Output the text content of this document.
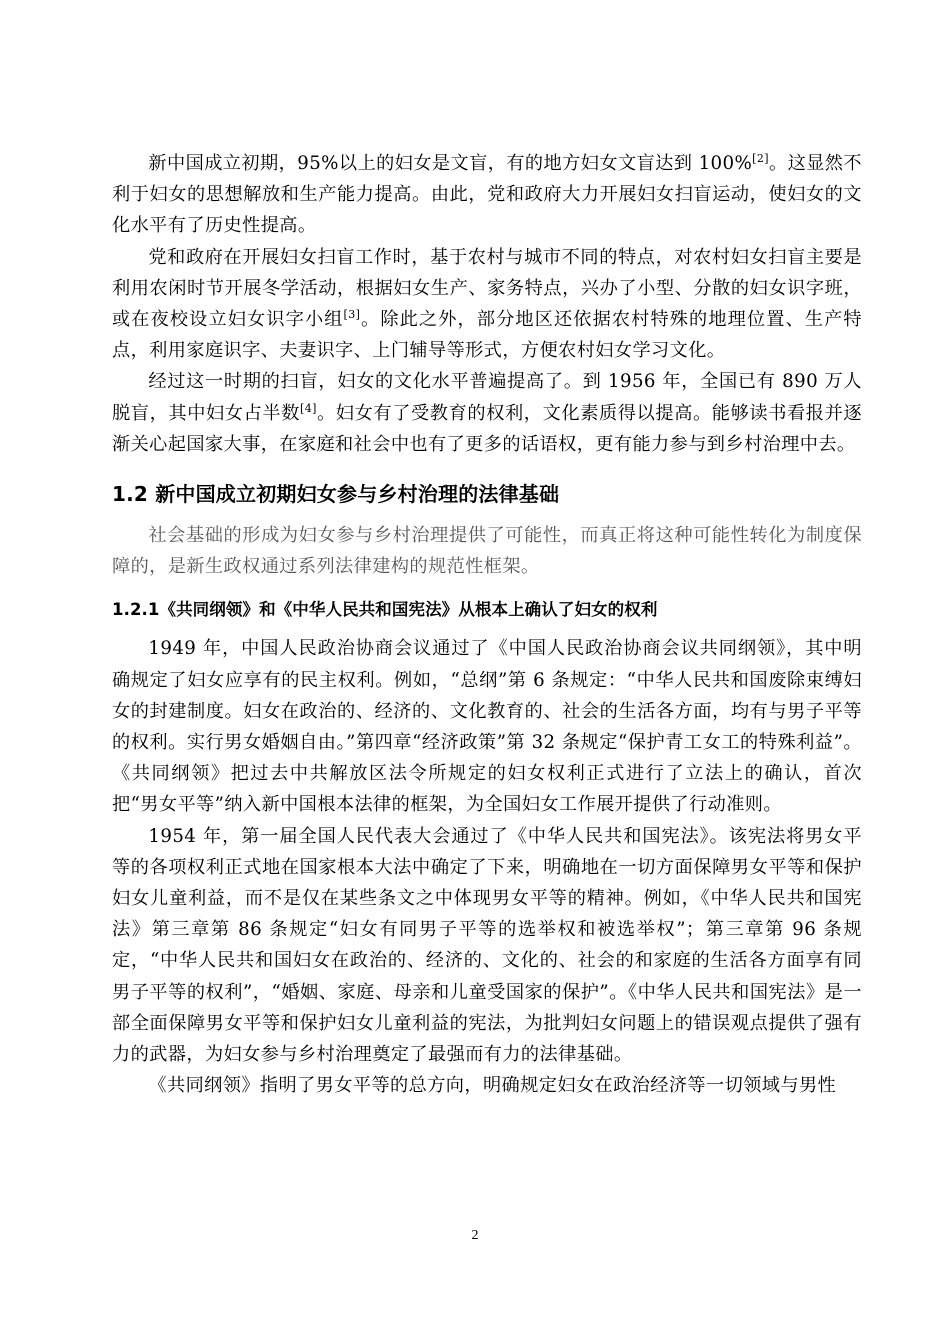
新中国成立初期，95%以上的妇女是文盲，有的地方妇女文盲达到 100%[2]。这显然不利于妇女的思想解放和生产能力提高。由此，党和政府大力开展妇女扫盲运动，使妇女的文化水平有了历史性提高。

党和政府在开展妇女扫盲工作时，基于农村与城市不同的特点，对农村妇女扫盲主要是利用农闲时节开展冬学活动，根据妇女生产、家务特点，兴办了小型、分散的妇女识字班，或在夜校设立妇女识字小组[3]。除此之外，部分地区还依据农村特殊的地理位置、生产特点，利用家庭识字、夫妻识字、上门辅导等形式，方便农村妇女学习文化。

经过这一时期的扫盲，妇女的文化水平普遍提高了。到 1956 年，全国已有 890 万人脱盲，其中妇女占半数[4]。妇女有了受教育的权利，文化素质得以提高。能够读书看报并逐渐关心起国家大事，在家庭和社会中也有了更多的话语权，更有能力参与到乡村治理中去。

1.2 新中国成立初期妇女参与乡村治理的法律基础

社会基础的形成为妇女参与乡村治理提供了可能性，而真正将这种可能性转化为制度保障的，是新生政权通过系列法律建构的规范性框架。

1.2.1《共同纲领》和《中华人民共和国宪法》从根本上确认了妇女的权利

1949 年，中国人民政治协商会议通过了《中国人民政治协商会议共同纲领》，其中明确规定了妇女应享有的民主权利。例如，“总纲”第 6 条规定：“中华人民共和国废除束缚妇女的封建制度。妇女在政治的、经济的、文化教育的、社会的生活各方面，均有与男子平等的权利。实行男女婚姻自由。”第四章“经济政策”第 32 条规定“保护青工女工的特殊利益”。《共同纲领》把过去中共解放区法令所规定的妇女权利正式进行了立法上的确认，首次把“男女平等”纳入新中国根本法律的框架，为全国妇女工作展开提供了行动准则。

1954 年，第一届全国人民代表大会通过了《中华人民共和国宪法》。该宪法将男女平等的各项权利正式地在国家根本大法中确定了下来，明确地在一切方面保障男女平等和保护妇女儿童利益，而不是仅在某些条文之中体现男女平等的精神。例如，《中华人民共和国宪法》第三章第 86 条规定“妇女有同男子平等的选举权和被选举权”；第三章第 96 条规定，“中华人民共和国妇女在政治的、经济的、文化的、社会的和家庭的生活各方面享有同男子平等的权利”，“婚姻、家庭、母亲和儿童受国家的保护”。《中华人民共和国宪法》是一部全面保障男女平等和保护妇女儿童利益的宪法，为批判妇女问题上的错误观点提供了强有力的武器，为妇女参与乡村治理奠定了最强而有力的法律基础。

《共同纲领》指明了男女平等的总方向，明确规定妇女在政治经济等一切领域与男性

2
